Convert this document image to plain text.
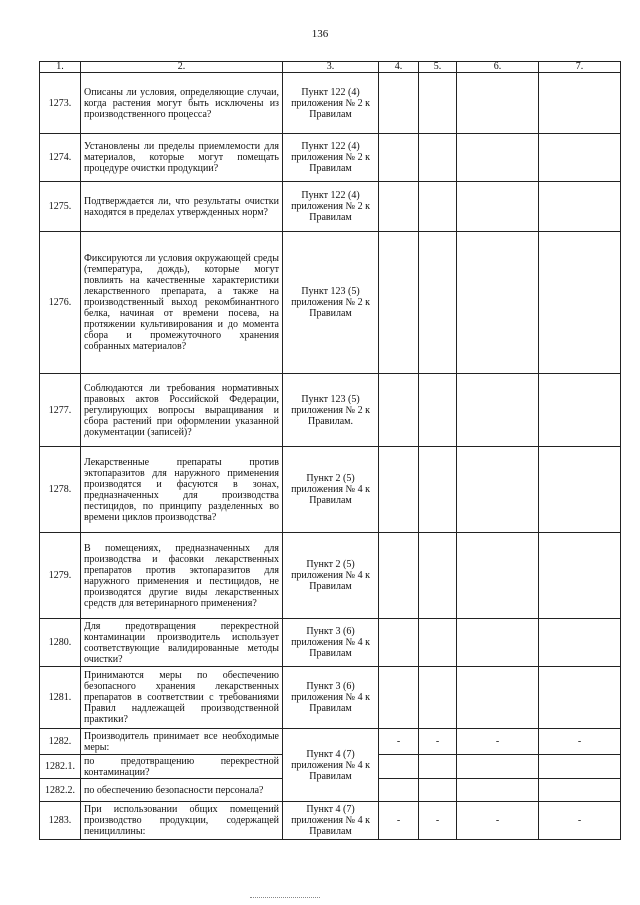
136
1.	2.	3.	4.	5.	6.	7.
1273.	Описаны ли условия, определяющие случаи, когда растения могут быть исключены из производственного процесса?	Пункт 122 (4) приложения № 2 к Правилам				
1274.	Установлены ли пределы приемлемости для материалов, которые могут помещать процедуре очистки продукции?	Пункт 122 (4) приложения № 2 к Правилам				
1275.	Подтверждается ли, что результаты очистки находятся в пределах утвержденных норм?	Пункт 122 (4) приложения № 2 к Правилам				
1276.	Фиксируются ли условия окружающей среды (температура, дождь), которые могут повлиять на качественные характеристики лекарственного препарата, а также на производственный выход рекомбинантного белка, начиная от времени посева, на протяжении культивирования и до момента сбора и промежуточного хранения собранных материалов?	Пункт 123 (5) приложения № 2 к Правилам				
1277.	Соблюдаются ли требования нормативных правовых актов Российской Федерации, регулирующих вопросы выращивания и сбора растений при оформлении указанной документации (записей)?	Пункт 123 (5) приложения № 2 к Правилам.				
1278.	Лекарственные препараты против эктопаразитов для наружного применения производятся и фасуются в зонах, предназначенных для производства пестицидов, по принципу разделенных во времени циклов производства?	Пункт 2 (5) приложения № 4 к Правилам				
1279.	В помещениях, предназначенных для производства и фасовки лекарственных препаратов против эктопаразитов для наружного применения и пестицидов, не производятся другие виды лекарственных средств для ветеринарного применения?	Пункт 2 (5) приложения № 4 к Правилам				
1280.	Для предотвращения перекрестной контаминации производитель использует соответствующие валидированные методы очистки?	Пункт 3 (6) приложения № 4 к Правилам				
1281.	Принимаются меры по обеспечению безопасного хранения лекарственных препаратов в соответствии с требованиями Правил надлежащей производственной практики?	Пункт 3 (6) приложения № 4 к Правилам				
1282.	Производитель принимает все необходимые меры:	Пункт 4 (7) приложения № 4 к Правилам	-	-	-	-
1282.1.	по предотвращению перекрестной контаминации?					
1282.2.	по обеспечению безопасности персонала?					
1283.	При использовании общих помещений производство продукции, содержащей пенициллины:	Пункт 4 (7) приложения № 4 к Правилам	-	-	-	-
